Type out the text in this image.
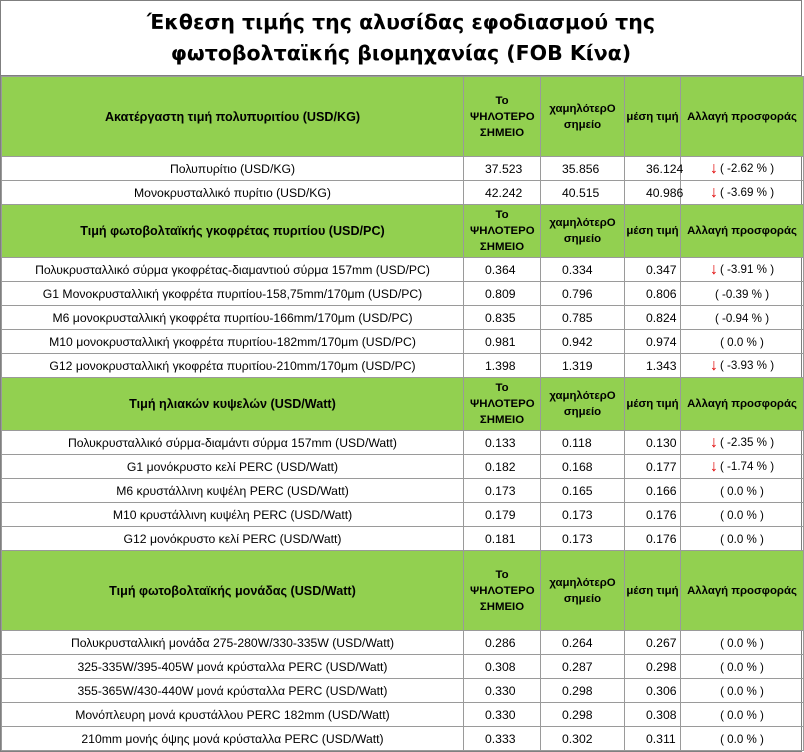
Έκθεση τιμής της αλυσίδας εφοδιασμού της
φωτοβολταϊκής βιομηχανίας (FOB Κίνα)
Ακατέργαστη τιμή πολυπυριτίου (USD/KG)	Το ΨΗΛΟΤΕΡΟ ΣΗΜΕΙΟ	χαμηλότερΟ σημείο	μέση τιμή	Αλλαγή προσφοράς
Πολυπυρίτιο (USD/KG)	37.523	35.856	36.124	↓ ( -2.62 % )
Μονοκρυσταλλικό πυρίτιο (USD/KG)	42.242	40.515	40.986	↓ ( -3.69 % )
Τιμή φωτοβολταϊκής γκοφρέτας πυριτίου (USD/PC)	Το ΨΗΛΟΤΕΡΟ ΣΗΜΕΙΟ	χαμηλότερΟ σημείο	μέση τιμή	Αλλαγή προσφοράς
Πολυκρυσταλλικό σύρμα γκοφρέτας-διαμαντιού σύρμα 157mm (USD/PC)	0.364	0.334	0.347	↓ ( -3.91 % )
G1 Μονοκρυσταλλική γκοφρέτα πυριτίου-158,75mm/170μm (USD/PC)	0.809	0.796	0.806	( -0.39 % )
M6 μονοκρυσταλλική γκοφρέτα πυριτίου-166mm/170μm (USD/PC)	0.835	0.785	0.824	( -0.94 % )
M10 μονοκρυσταλλική γκοφρέτα πυριτίου-182mm/170μm (USD/PC)	0.981	0.942	0.974	( 0.0 % )
G12 μονοκρυσταλλική γκοφρέτα πυριτίου-210mm/170μm (USD/PC)	1.398	1.319	1.343	↓ ( -3.93 % )
Τιμή ηλιακών κυψελών (USD/Watt)	Το ΨΗΛΟΤΕΡΟ ΣΗΜΕΙΟ	χαμηλότερΟ σημείο	μέση τιμή	Αλλαγή προσφοράς
Πολυκρυσταλλικό σύρμα-διαμάντι σύρμα 157mm (USD/Watt)	0.133	0.118	0.130	↓ ( -2.35 % )
G1 μονόκρυστο κελί PERC (USD/Watt)	0.182	0.168	0.177	↓ ( -1.74 % )
M6 κρυστάλλινη κυψέλη PERC (USD/Watt)	0.173	0.165	0.166	( 0.0 % )
M10 κρυστάλλινη κυψέλη PERC (USD/Watt)	0.179	0.173	0.176	( 0.0 % )
G12 μονόκρυστο κελί PERC (USD/Watt)	0.181	0.173	0.176	( 0.0 % )
Τιμή φωτοβολταϊκής μονάδας (USD/Watt)	Το ΨΗΛΟΤΕΡΟ ΣΗΜΕΙΟ	χαμηλότερΟ σημείο	μέση τιμή	Αλλαγή προσφοράς
Πολυκρυσταλλική μονάδα 275-280W/330-335W (USD/Watt)	0.286	0.264	0.267	( 0.0 % )
325-335W/395-405W μονά κρύσταλλα PERC (USD/Watt)	0.308	0.287	0.298	( 0.0 % )
355-365W/430-440W μονά κρύσταλλα PERC (USD/Watt)	0.330	0.298	0.306	( 0.0 % )
Μονόπλευρη μονά κρυστάλλου PERC 182mm (USD/Watt)	0.330	0.298	0.308	( 0.0 % )
210mm μονής όψης μονά κρύσταλλα PERC (USD/Watt)	0.333	0.302	0.311	( 0.0 % )
